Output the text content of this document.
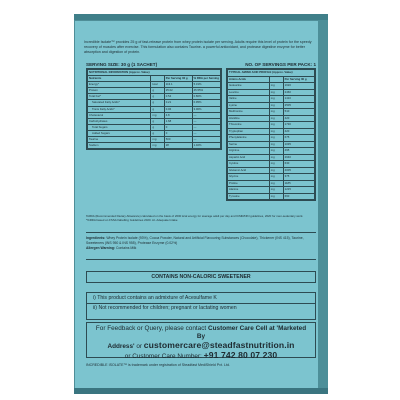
Incredible Isolate™ provides 25 g of fast-release protein from whey protein isolate per serving. Adults require this level of protein for the speedy recovery of muscles after exercise. This formulation also contains Taurine- a powerful antioxidant, and protease digestive enzyme for better absorption and digestion of protein.

SERVING SIZE: 30 g (1 SACHET)	NO. OF SERVINGS PER PACK: 1
NUTRITIONAL INFORMATION (Approx. Value)			
Nutrients		Per Serving 30 g	% RDA per Serving
Energy*	kcal	113.1	5.31%
Protein	g	25.02	45.55%
Total Fat*	g	0.54	0.80%
Saturated Fatty Acids*	g	0.21	0.95%
Trans Fatty Acids*	g	0.06	3.00%
Cholesterol	mg	4.8	—
Carbohydrates	g	1.68	—
Total Sugars	g	0	—
Added Sugars	g	0	—
Taurine	mg	500	—
Sodium	mg	28	1.40%
TYPICAL AMINO ACID PROFILE (Approx. Value)		
Amino Acids		Per Serving 30 g
Isoleucine	mg	1620
Leucine	mg	2460
Valine	mg	1410
Lysine	mg	2505
Methionine	mg	510
Histidine	mg	420
Threonine	mg	1730
Tryptophan	mg	420
Phenylalanine	mg	675
Serine	mg	1035
Arginine	mg	495
Aspartic Acid	mg	2640
Cystine	mg	630
Glutamic Acid	mg	4005
Glycine	mg	375
Proline	mg	1185
Alanine	mg	1215
Tyrosine	mg	660

%RDA (Recommended Dietary Allowance) calculated on the basis of 2000 kcal energy for average adult per day and ICMR/NIN guidelines, 2020 for men-sedentary work.

*%RDA based on FSSAI labelling Guidelines 2020. AI- Adequate Intake

Ingredients: Whey Protein Isolate (93%), Cocoa Powder, Natural and Artificial Flavouring Substances (Chocolate), Thickener (INS 415), Taurine, Sweeteners (INS 950 & INS 955), Protease Enzyme (0.02%)

Allergen Warning: Contains Milk

CONTAINS NON-CALORIC SWEETENER

i) This product contains an admixture of Acesulfame K

ii) Not recommended for children; pregnant or lactating women

For Feedback or Query, please contact Customer Care Cell at 'Marketed By

Address' or customercare@steadfastnutrition.in

or Customer Care Number: +91 742 80 07 230

INCREDIBLE ISOLATE™ is trademark under registration of Steadfast MediShield Pvt. Ltd.
